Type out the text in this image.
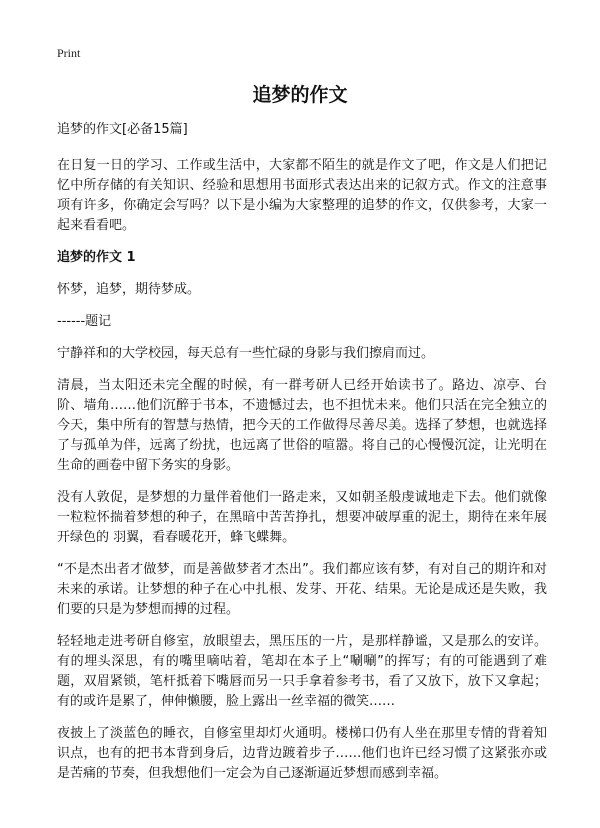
Print
追梦的作文

追梦的作文[必备15篇]

在日复一日的学习、工作或生活中，大家都不陌生的就是作文了吧，作文是人们把记忆中所存储的有关知识、经验和思想用书面形式表达出来的记叙方式。作文的注意事项有许多，你确定会写吗？以下是小编为大家整理的追梦的作文，仅供参考，大家一起来看看吧。

追梦的作文 1

怀梦，追梦，期待梦成。

------题记

宁静祥和的大学校园，每天总有一些忙碌的身影与我们擦肩而过。

清晨，当太阳还未完全醒的时候，有一群考研人已经开始读书了。路边、凉亭、台阶、墙角……他们沉醉于书本，不遗憾过去，也不担忧未来。他们只活在完全独立的今天，集中所有的智慧与热情，把今天的工作做得尽善尽美。选择了梦想，也就选择了与孤单为伴，远离了纷扰，也远离了世俗的喧嚣。将自己的心慢慢沉淀，让光明在生命的画卷中留下务实的身影。

没有人敦促，是梦想的力量伴着他们一路走来，又如朝圣般虔诚地走下去。他们就像一粒粒怀揣着梦想的种子，在黑暗中苦苦挣扎，想要冲破厚重的泥土，期待在来年展开绿色的 羽翼，看春暖花开，蜂飞蝶舞。

“不是杰出者才做梦，而是善做梦者才杰出”。我们都应该有梦，有对自己的期许和对未来的承诺。让梦想的种子在心中扎根、发芽、开花、结果。无论是成还是失败，我们要的只是为梦想而搏的过程。

轻轻地走进考研自修室，放眼望去，黑压压的一片，是那样静谧，又是那么的安详。有的埋头深思，有的嘴里嘀咕着，笔却在本子上“唰唰”的挥写；有的可能遇到了难题，双眉紧锁，笔杆抵着下嘴唇而另一只手拿着参考书，看了又放下，放下又拿起；有的或许是累了，伸伸懒腰，脸上露出一丝幸福的微笑……

夜披上了淡蓝色的睡衣，自修室里却灯火通明。楼梯口仍有人坐在那里专情的背着知识点，也有的把书本背到身后，边背边踱着步子……他们也许已经习惯了这紧张亦或是苦痛的节奏，但我想他们一定会为自己逐渐逼近梦想而感到幸福。
